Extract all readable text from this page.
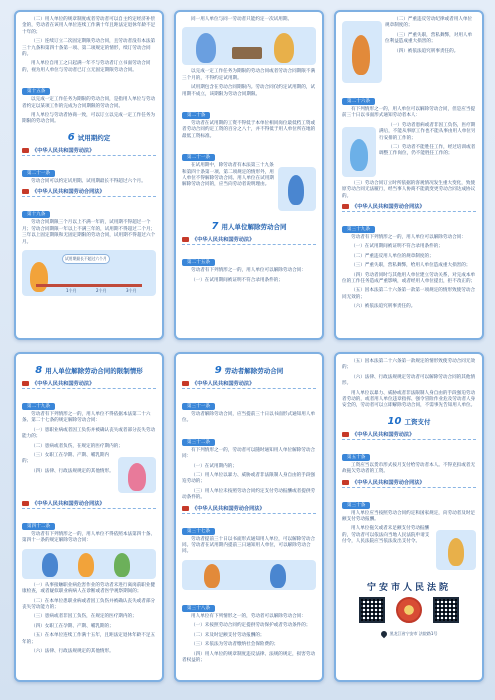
（二）用人单位的规章制度或者劳动者可以自主约定经济补偿金的，劳动者在该用人单位连续工作满十年且距法定退休年龄不足十年的；

（三）连续订立二次固定期限劳动合同，且劳动者没有本法第三十九条和第四十条第一项、第二项规定的情形，续订劳动合同的。

用人单位自用工之日起满一年不与劳动者订立书面劳动合同的，视为用人单位与劳动者已订立无固定期限劳动合同。

第十五条

以完成一定工作任务为期限的劳动合同，是指用人单位与劳动者约定以某项工作的完成为合同期限的劳动合同。

用人单位与劳动者协商一致，可以订立以完成一定工作任务为期限的劳动合同。

6 试用期约定
《中华人民共和国劳动法》
第二十一条

劳动合同可以约定试用期。试用期最长不得超过六个月。

《中华人民共和国劳动合同法》
第十九条

劳动合同期限三个月以上不满一年的，试用期不得超过一个月；劳动合同期限一年以上不满三年的，试用期不得超过二个月；三年以上固定期限和无固定期限的劳动合同，试用期不得超过六个月。

试用期最长不超过六个月
1个月	2个月	3个月

同一用人单位与同一劳动者只能约定一次试用期。

以完成一定工作任务为期限的劳动合同或者劳动合同期限不满三个月的，不得约定试用期。

试用期包含在劳动合同期限内。劳动合同仅约定试用期的，试用期不成立，该期限为劳动合同期限。

第二十条

劳动者在试用期的工资不得低于本单位相同岗位最低档工资或者劳动合同约定工资的百分之八十，并不得低于用人单位所在地的最低工资标准。

第二十一条

在试用期中，除劳动者有本法第三十九条和第四十条第一项、第二项规定的情形外，用人单位不得解除劳动合同。用人单位在试用期解除劳动合同的，应当向劳动者说明理由。

7 用人单位解除劳动合同
《中华人民共和国劳动法》
第二十五条

劳动者有下列情形之一的，用人单位可以解除劳动合同：

（一）在试用期间被证明不符合录用条件的；

（二）严重违反劳动纪律或者用人单位规章制度的；

（三）严重失职，营私舞弊，对用人单位利益造成重大损害的；

（四）被依法追究刑事责任的。

第二十六条

有下列情形之一的，用人单位可以解除劳动合同，但是应当提前三十日以书面形式通知劳动者本人：

（一）劳动者患病或者非因工负伤，医疗期满后，不能从事原工作也不能从事由用人单位另行安排的工作的；

（二）劳动者不能胜任工作，经过培训或者调整工作岗位，仍不能胜任工作的；

（三）劳动合同订立时所依据的客观情况发生重大变化，致使原劳动合同无法履行，经当事人协商不能就变更劳动合同达成协议的。

《中华人民共和国劳动合同法》
第三十九条

劳动者有下列情形之一的，用人单位可以解除劳动合同：

（一）在试用期间被证明不符合录用条件的；

（二）严重违反用人单位的规章制度的；

（三）严重失职，营私舞弊，给用人单位造成重大损害的；

（四）劳动者同时与其他用人单位建立劳动关系，对完成本单位的工作任务造成严重影响，或者经用人单位提出，拒不改正的；

（五）因本法第二十六条第一款第一项规定的情形致使劳动合同无效的；

（六）被依法追究刑事责任的。

8 用人单位解除劳动合同的限制情形
《中华人民共和国劳动法》
第二十九条

劳动者有下列情形之一的，用人单位不得依据本法第二十六条、第二十七条的规定解除劳动合同：

（一）患职业病或者因工负伤并被确认丧失或者部分丧失劳动能力的；

（二）患病或者负伤，在规定的医疗期内的；

（三）女职工在孕期、产期、哺乳期内的；

（四）法律、行政法规规定的其他情形。

《中华人民共和国劳动合同法》
第四十二条

劳动者有下列情形之一的，用人单位不得依照本法第四十条、第四十一条的规定解除劳动合同：

（一）从事接触职业病危害作业的劳动者未进行离岗前职业健康检查，或者疑似职业病病人在诊断或者医学观察期间的；

（二）在本单位患职业病或者因工负伤并被确认丧失或者部分丧失劳动能力的；

（三）患病或者非因工负伤，在规定的医疗期内的；

（四）女职工在孕期、产期、哺乳期的；

（五）在本单位连续工作满十五年，且距法定退休年龄不足五年的；

（六）法律、行政法规规定的其他情形。

9 劳动者解除劳动合同
《中华人民共和国劳动法》
第三十一条

劳动者解除劳动合同，应当提前三十日以书面形式通知用人单位。

第三十二条

有下列情形之一的，劳动者可以随时通知用人单位解除劳动合同：

（一）在试用期内的；

（二）用人单位以暴力、威胁或者非法限制人身自由的手段强迫劳动的；

（三）用人单位未按照劳动合同约定支付劳动报酬或者提供劳动条件的。

《中华人民共和国劳动合同法》
第三十七条

劳动者提前三十日以书面形式通知用人单位，可以解除劳动合同。劳动者在试用期内提前三日通知用人单位，可以解除劳动合同。

第三十八条

用人单位有下列情形之一的，劳动者可以解除劳动合同：

（一）未按照劳动合同约定提供劳动保护或者劳动条件的；

（二）未及时足额支付劳动报酬的；

（三）未依法为劳动者缴纳社会保险费的；

（四）用人单位的规章制度违反法律、法规的规定，损害劳动者权益的；

（五）因本法第二十六条第一款规定的情形致使劳动合同无效的；

（六）法律、行政法规规定劳动者可以解除劳动合同的其他情形。

用人单位以暴力、威胁或者非法限制人身自由的手段强迫劳动者劳动的，或者用人单位违章指挥、强令冒险作业危及劳动者人身安全的，劳动者可以立即解除劳动合同，不需事先告知用人单位。

10 工资支付
《中华人民共和国劳动法》
第五十条

工资应当以货币形式按月支付给劳动者本人。不得克扣或者无故拖欠劳动者的工资。

《中华人民共和国劳动合同法》
第三十条

用人单位应当按照劳动合同约定和国家规定，向劳动者及时足额支付劳动报酬。

用人单位拖欠或者未足额支付劳动报酬的，劳动者可以依法向当地人民法院申请支付令，人民法院应当依法发出支付令。

宁安市人民法院

黑龙江省宁安市 法院路1号
